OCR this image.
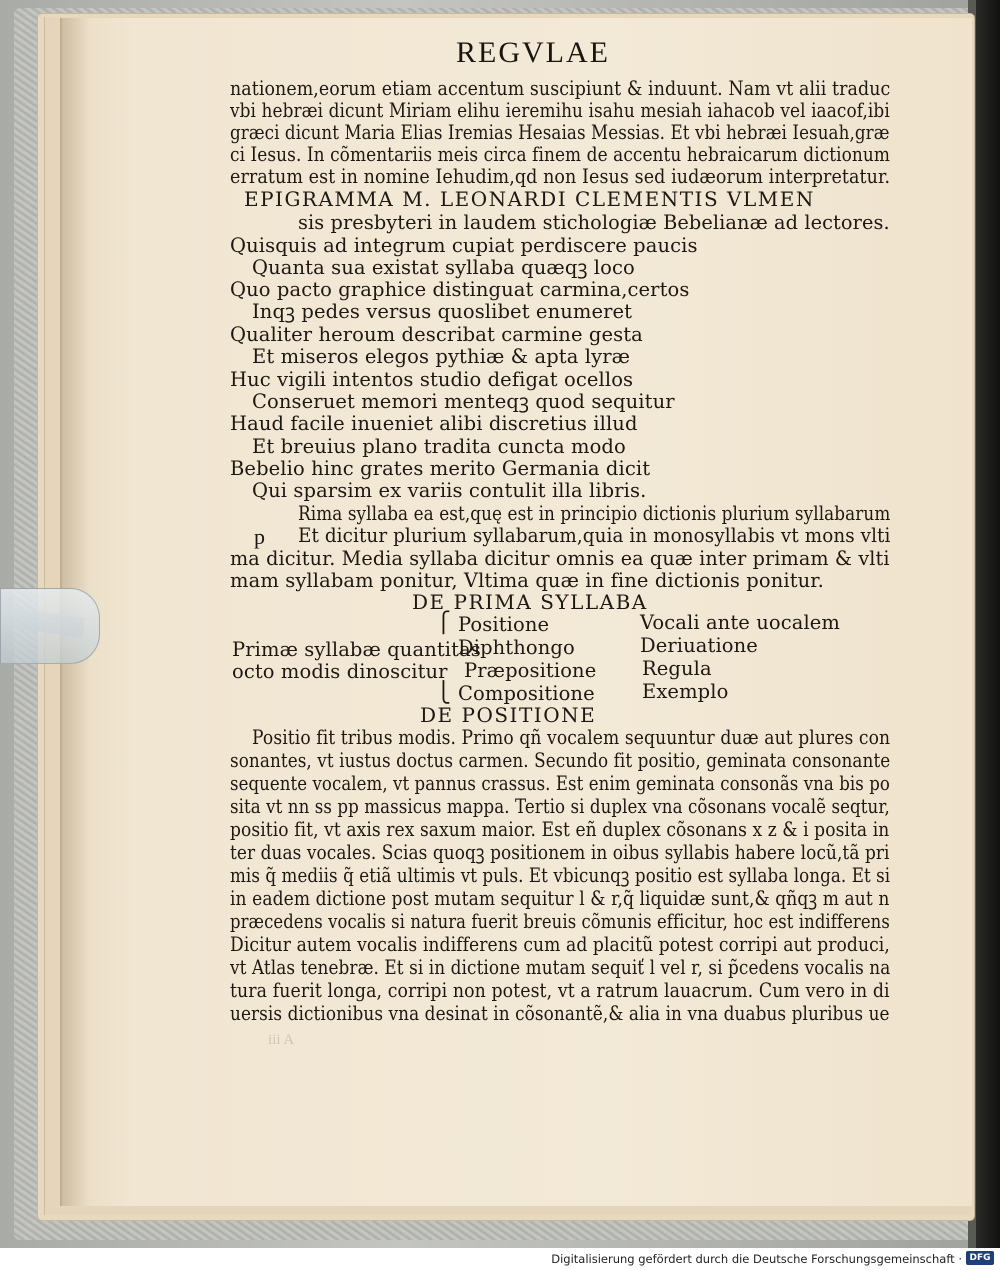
iii A
REGVLAE
nationem,eorum etiam accentum suscipiunt & induunt. Nam vt alii traduc
vbi hebræi dicunt Miriam elihu ieremihu isahu mesiah iahacob vel iaacof,ibi
græci dicunt Maria Elias Iremias Hesaias Messias. Et vbi hebræi Iesuah,græ
ci Iesus. In cõmentariis meis circa finem de accentu hebraicarum dictionum
erratum est in nomine Iehudim,qd non Iesus sed iudæorum interpretatur.
EPIGRAMMA M. LEONARDI CLEMENTIS VLMEN
sis presbyteri in laudem stichologiæ Bebelianæ ad lectores.
Quisquis ad integrum cupiat perdiscere paucis
Quanta sua existat syllaba quæqꝫ loco
Quo pacto graphice distinguat carmina,certos
Inqꝫ pedes versus quoslibet enumeret
Qualiter heroum describat carmine gesta
Et miseros elegos pythiæ & apta lyræ
Huc vigili intentos studio defigat ocellos
Conseruet memori menteqꝫ quod sequitur
Haud facile inueniet alibi discretius illud
Et breuius plano tradita cuncta modo
Bebelio hinc grates merito Germania dicit
Qui sparsim ex variis contulit illa libris.
p
Rima syllaba ea est,quę est in principio dictionis plurium syllabarum
Et dicitur plurium syllabarum,quia in monosyllabis vt mons vlti
ma dicitur. Media syllaba dicitur omnis ea quæ inter primam & vlti
mam syllabam ponitur, Vltima quæ in fine dictionis ponitur.
DE PRIMA SYLLABA
⎧
⎩
Positione
Diphthongo
Præpositione
Compositione
Primæ syllabæ quantitas
octo modis dinoscitur
Vocali ante uocalem
Deriuatione
Regula
Exemplo
DE POSITIONE
Positio fit tribus modis. Primo qñ vocalem sequuntur duæ aut plures con
sonantes, vt iustus doctus carmen. Secundo fit positio, geminata consonante
sequente vocalem, vt pannus crassus. Est enim geminata consonãs vna bis po
sita vt nn ss pp massicus mappa. Tertio si duplex vna cõsonans vocalẽ seqtur,
positio fit, vt axis rex saxum maior. Est eñ duplex cõsonans x z & i posita in
ter duas vocales. Scias quoqꝫ positionem in oibus syllabis habere locũ,tã pri
mis q̃ mediis q̃ etiã ultimis vt puls. Et vbicunqꝫ positio est syllaba longa. Et si
in eadem dictione post mutam sequitur l & r,q̃ liquidæ sunt,& qñqꝫ m aut n
præcedens vocalis si natura fuerit breuis cõmunis efficitur, hoc est indifferens
Dicitur autem vocalis indifferens cum ad placitũ potest corripi aut produci,
vt Atlas tenebræ. Et si in dictione mutam sequiť l vel r, si p̃cedens vocalis na
tura fuerit longa, corripi non potest, vt a ratrum lauacrum. Cum vero in di
uersis dictionibus vna desinat in cõsonantẽ,& alia in vna duabus pluribus ue
Digitalisierung gefördert durch die Deutsche Forschungsgemeinschaft · DFG
